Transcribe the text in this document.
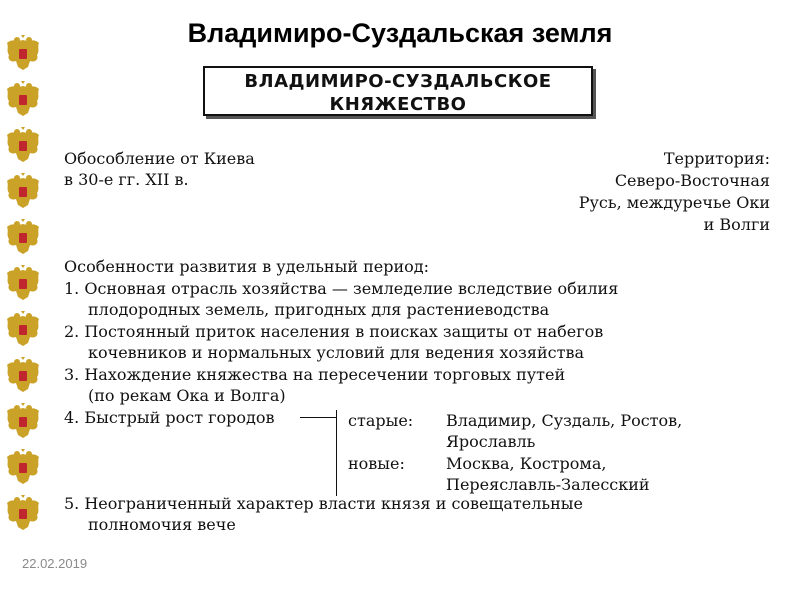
Владимиро-Суздальская земля
ВЛАДИМИРО-СУЗДАЛЬСКОЕ
КНЯЖЕСТВО
Обособление от Киева
в 30-е гг. XII в.
Территория:
Северо-Восточная
Русь, междуречье Оки
и Волги
Особенности развития в удельный период:
1. Основная отрасль хозяйства — земледелие вследствие обилия
плодородных земель, пригодных для растениеводства
2. Постоянный приток населения в поисках защиты от набегов
кочевников и нормальных условий для ведения хозяйства
3. Нахождение княжества на пересечении торговых путей
(по рекам Ока и Волга)
4. Быстрый рост городов
5. Неограниченный характер власти князя и совещательные
полномочия вече
старые: Владимир, Суздаль, Ростов,
Ярославль
новые:	Москва, Кострома,
Переяславль-Залесский
22.02.2019
